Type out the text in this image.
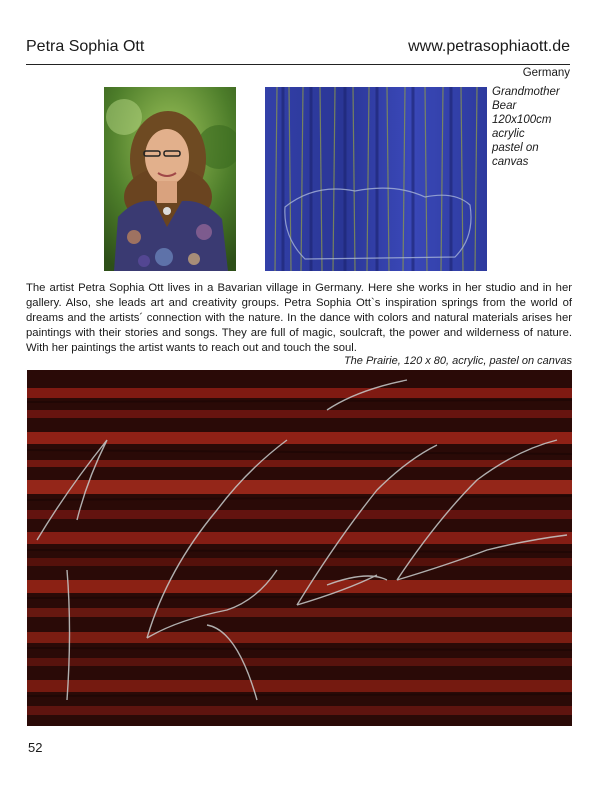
Petra Sophia Ott	www.petrasophiaott.de
Germany
Grandmother
Bear
120x100cm
acrylic
pastel on
canvas
The artist Petra Sophia Ott lives in a Bavarian village in Germany. Here she works in her studio and in her gallery. Also, she leads art and creativity groups. Petra Sophia Ott`s inspiration springs from the world of dreams and the artists´ connection with the nature. In the dance with colors and natural materials arises her paintings with their stories and songs. They are full of magic, soulcraft, the power and wilderness of nature. With her paintings the artist wants to reach out and touch the soul.
The Prairie, 120 x 80, acrylic, pastel on canvas
52
